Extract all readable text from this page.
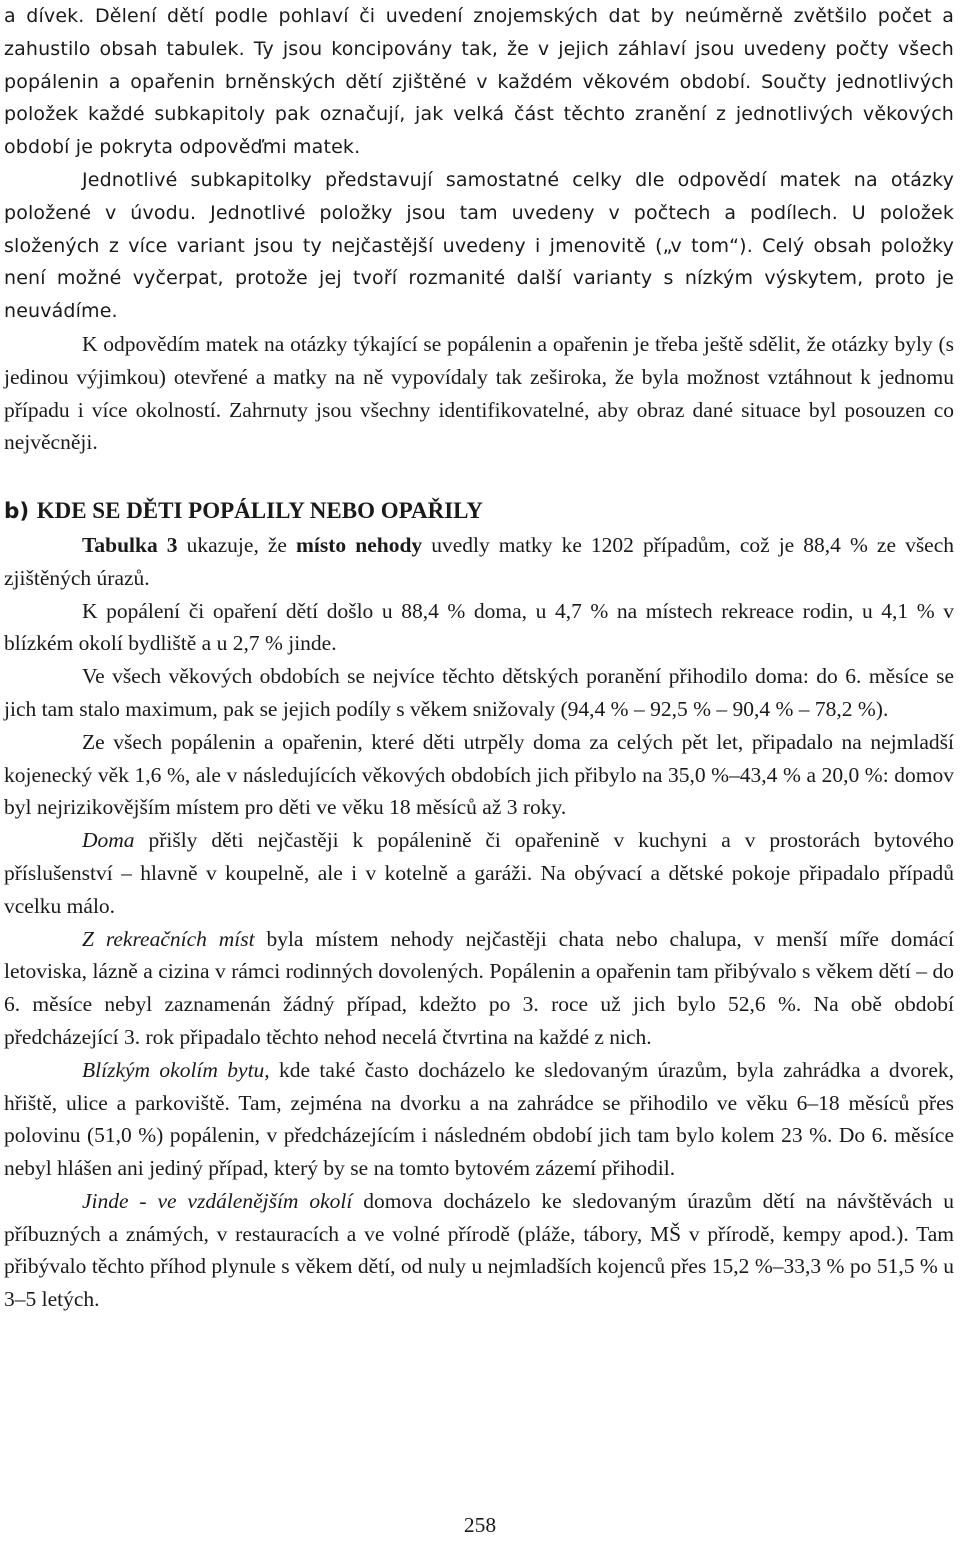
a dívek. Dělení dětí podle pohlaví či uvedení znojemských dat by neúměrně zvětšilo počet a zahustilo obsah tabulek. Ty jsou koncipovány tak, že v jejich záhlaví jsou uvedeny počty všech popálenin a opařenin brněnských dětí zjištěné v každém věkovém období. Součty jednotlivých položek každé subkapitoly pak označují, jak velká část těchto zranění z jednotlivých věkových období je pokryta odpověďmi matek.

Jednotlivé subkapitolky představují samostatné celky dle odpovědí matek na otázky položené v úvodu. Jednotlivé položky jsou tam uvedeny v počtech a podílech. U položek složených z více variant jsou ty nejčastější uvedeny i jmenovitě („v tom“). Celý obsah položky není možné vyčerpat, protože jej tvoří rozmanité další varianty s nízkým výskytem, proto je neuvádíme.

K odpovědím matek na otázky týkající se popálenin a opařenin je třeba ještě sdělit, že otázky byly (s jedinou výjimkou) otevřené a matky na ně vypovídaly tak zeširoka, že byla možnost vztáhnout k jednomu případu i více okolností. Zahrnuty jsou všechny identifikovatelné, aby obraz dané situace byl posouzen co nejvěcněji.

b) KDE SE DĚTI POPÁLILY NEBO OPAŘILY

Tabulka 3 ukazuje, že místo nehody uvedly matky ke 1202 případům, což je 88,4 % ze všech zjištěných úrazů.

K popálení či opaření dětí došlo u 88,4 % doma, u 4,7 % na místech rekreace rodin, u 4,1 % v blízkém okolí bydliště a u 2,7 % jinde.

Ve všech věkových obdobích se nejvíce těchto dětských poranění přihodilo doma: do 6. měsíce se jich tam stalo maximum, pak se jejich podíly s věkem snižovaly (94,4 % – 92,5 % – 90,4 % – 78,2 %).

Ze všech popálenin a opařenin, které děti utrpěly doma za celých pět let, připadalo na nejmladší kojenecký věk 1,6 %, ale v následujících věkových obdobích jich přibylo na 35,0 %–43,4 % a 20,0 %: domov byl nejrizikovějším místem pro děti ve věku 18 měsíců až 3 roky.

Doma přišly děti nejčastěji k popálenině či opařenině v kuchyni a v prostorách bytového příslušenství – hlavně v koupelně, ale i v kotelně a garáži. Na obývací a dětské pokoje připadalo případů vcelku málo.

Z rekreačních míst byla místem nehody nejčastěji chata nebo chalupa, v menší míře domácí letoviska, lázně a cizina v rámci rodinných dovolených. Popálenin a opařenin tam přibývalo s věkem dětí – do 6. měsíce nebyl zaznamenán žádný případ, kdežto po 3. roce už jich bylo 52,6 %. Na obě období předcházející 3. rok připadalo těchto nehod necelá čtvrtina na každé z nich.

Blízkým okolím bytu, kde také často docházelo ke sledovaným úrazům, byla zahrádka a dvorek, hřiště, ulice a parkoviště. Tam, zejména na dvorku a na zahrádce se přihodilo ve věku 6–18 měsíců přes polovinu (51,0 %) popálenin, v předcházejícím i následném období jich tam bylo kolem 23 %. Do 6. měsíce nebyl hlášen ani jediný případ, který by se na tomto bytovém zázemí přihodil.

Jinde - ve vzdálenějším okolí domova docházelo ke sledovaným úrazům dětí na návštěvách u příbuzných a známých, v restauracích a ve volné přírodě (pláže, tábory, MŠ v přírodě, kempy apod.). Tam přibývalo těchto příhod plynule s věkem dětí, od nuly u nejmladších kojenců přes 15,2 %–33,3 % po 51,5 % u 3–5 letých.

258
